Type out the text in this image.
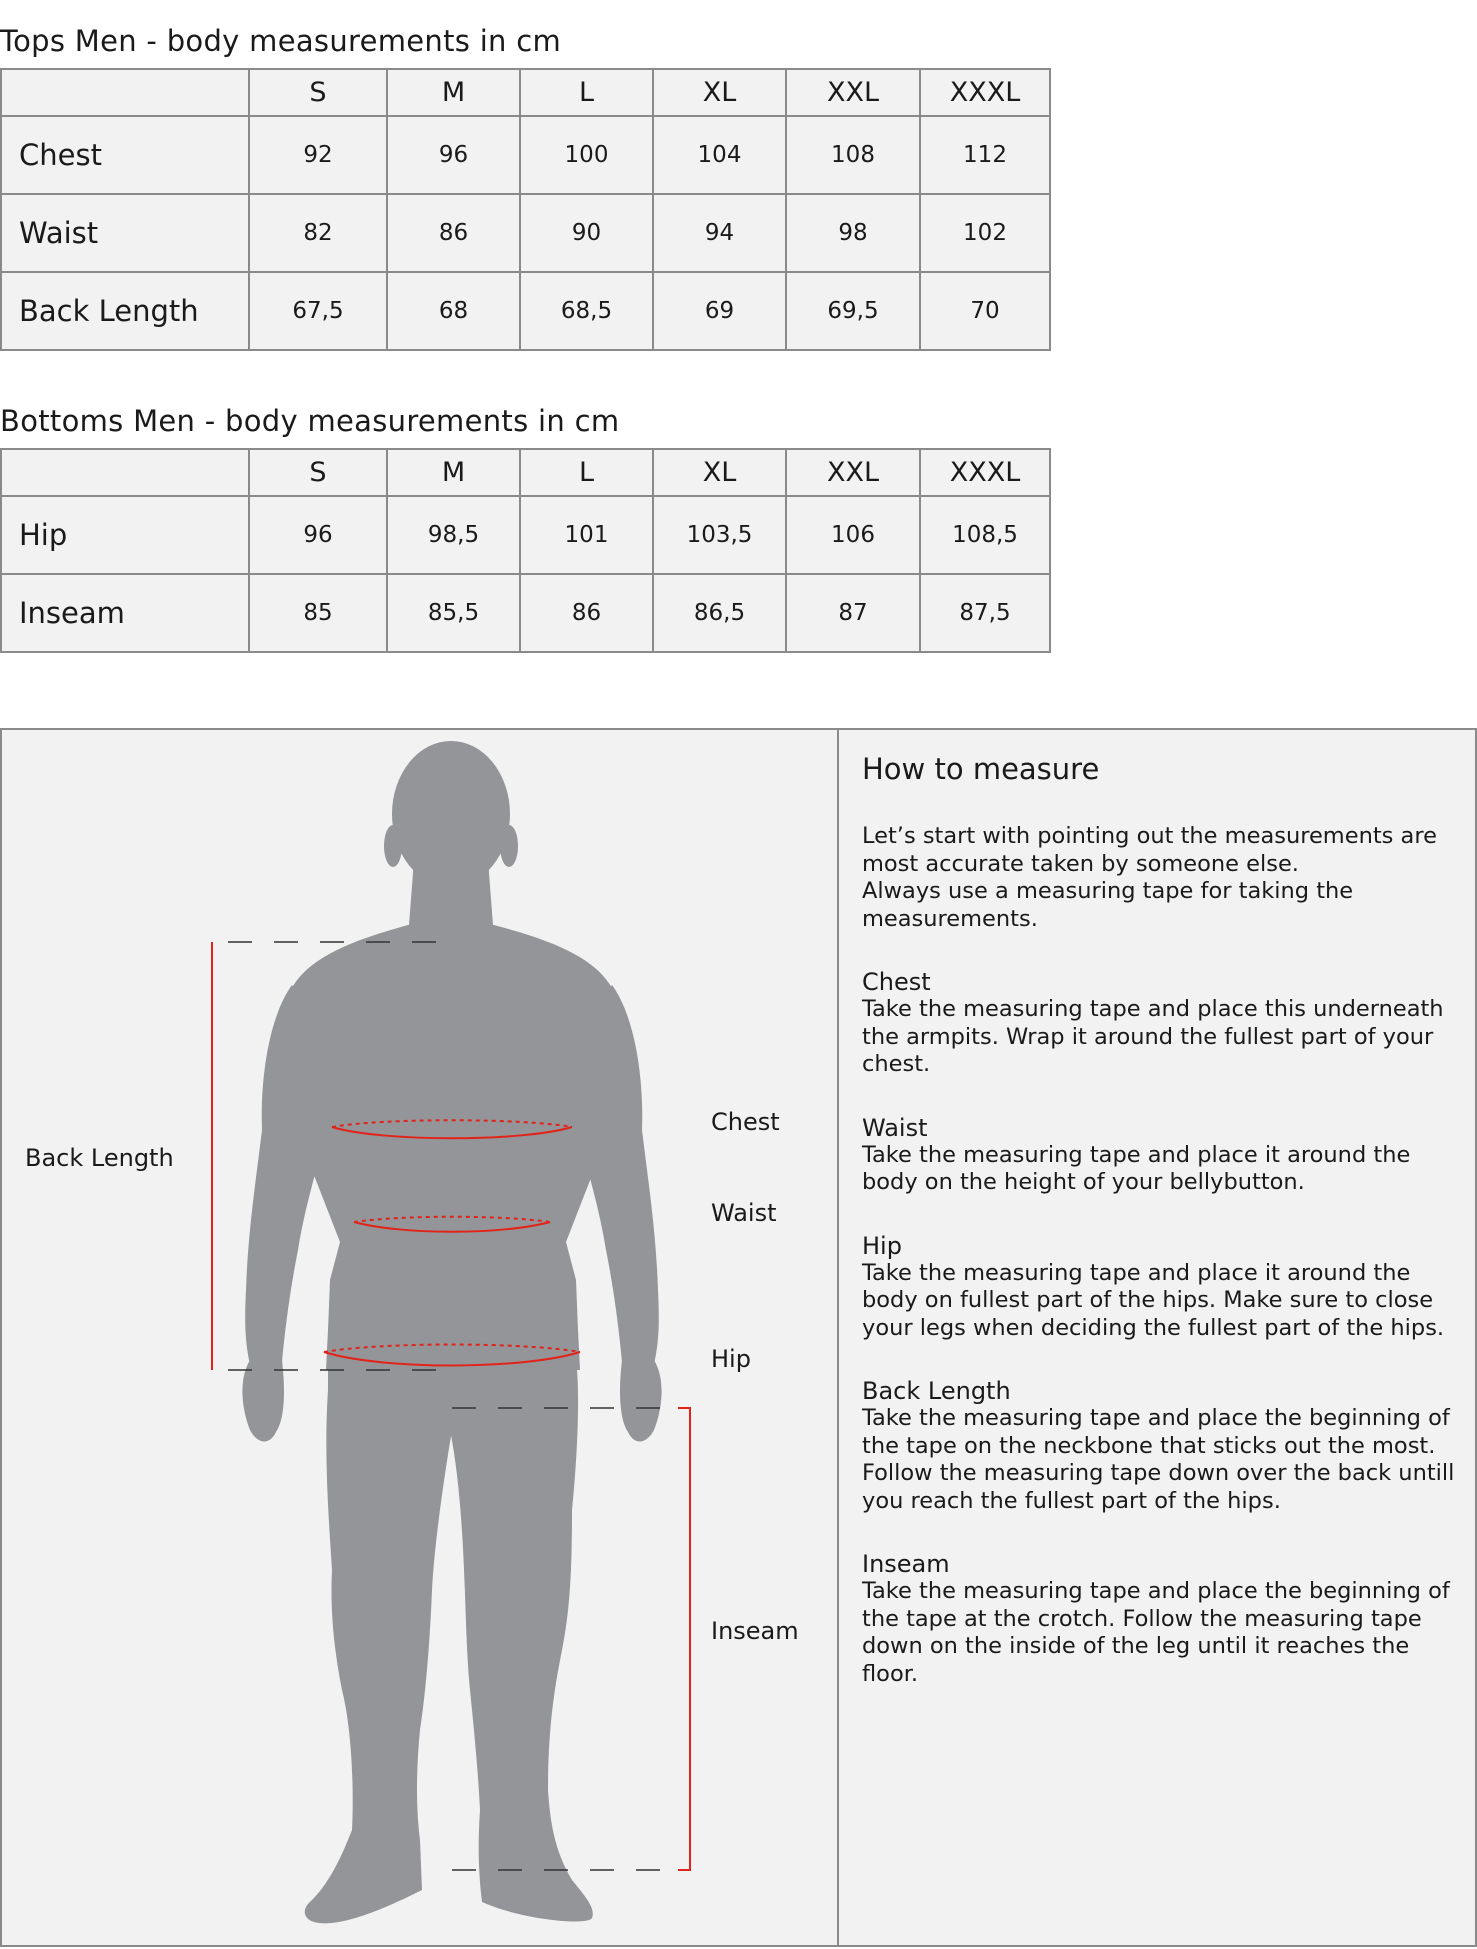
Tops Men - body measurements in cm
	S	M	L	XL	XXL	XXXL
Chest	92	96	100	104	108	112
Waist	82	86	90	94	98	102
Back Length	67,5	68	68,5	69	69,5	70
Bottoms Men - body measurements in cm
	S	M	L	XL	XXL	XXXL
Hip	96	98,5	101	103,5	106	108,5
Inseam	85	85,5	86	86,5	87	87,5
Back Length
Chest
Waist
Hip
Inseam
How to measure

Let’s start with pointing out the measurements are most accurate taken by someone else.
Always use a measuring tape for taking the measurements.

Chest

Take the measuring tape and place this underneath the armpits. Wrap it around the fullest part of your chest.

Waist

Take the measuring tape and place it around the body on the height of your bellybutton.

Hip

Take the measuring tape and place it around the body on fullest part of the hips. Make sure to close your legs when deciding the fullest part of the hips.

Back Length

Take the measuring tape and place the beginning of the tape on the neckbone that sticks out the most. Follow the measuring tape down over the back untill you reach the fullest part of the hips.

Inseam

Take the measuring tape and place the beginning of the tape at the crotch. Follow the measuring tape down on the inside of the leg until it reaches the floor.
